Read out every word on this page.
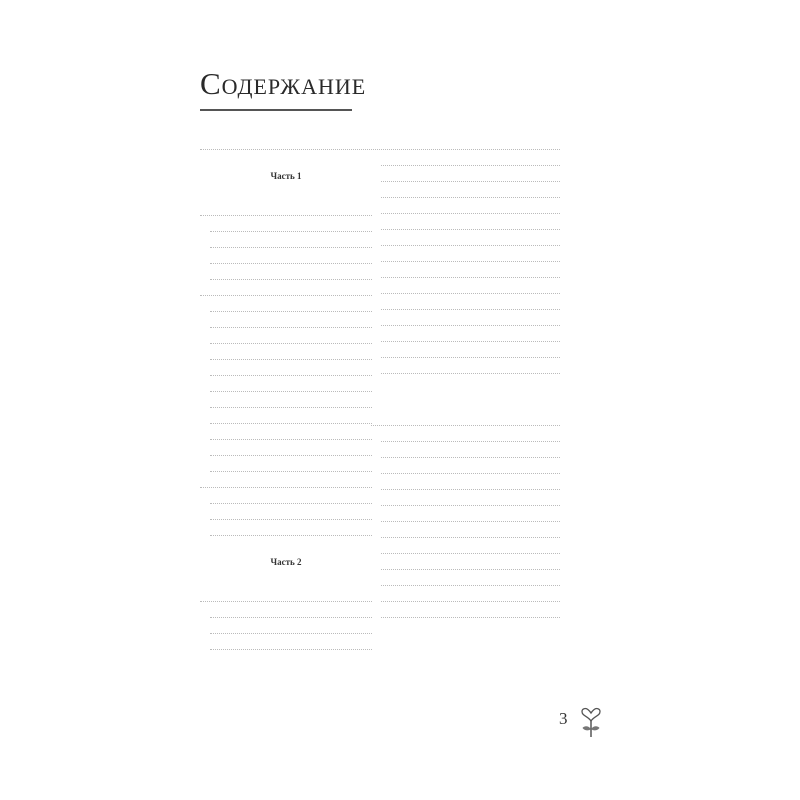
Содержание
Часть 1
Часть 2
3
